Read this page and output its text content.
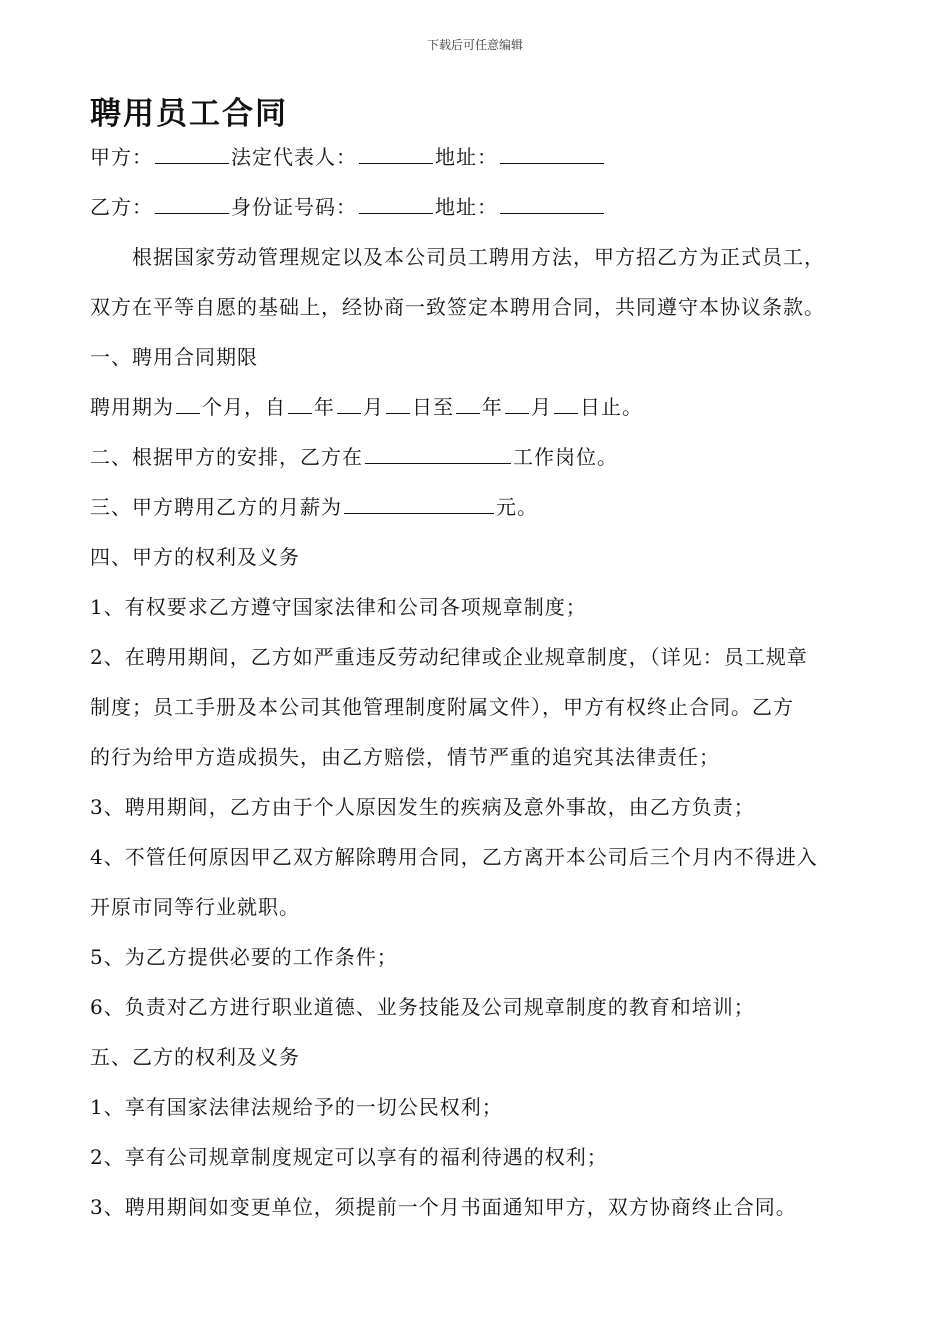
下载后可任意编辑
聘用员工合同
甲方：	法定代表人：	地址：
乙方：	身份证号码：	地址：
根据国家劳动管理规定以及本公司员工聘用方法，甲方招乙方为正式员工，
双方在平等自愿的基础上，经协商一致签定本聘用合同，共同遵守本协议条款。
一、聘用合同期限
聘用期为 个月，自 年 月 日至 年 月 日止。
二、根据甲方的安排，乙方在	工作岗位。
三、甲方聘用乙方的月薪为	元。
四、甲方的权利及义务
1、有权要求乙方遵守国家法律和公司各项规章制度；
2、在聘用期间，乙方如严重违反劳动纪律或企业规章制度，（详见：员工规章
制度；员工手册及本公司其他管理制度附属文件），甲方有权终止合同。乙方
的行为给甲方造成损失，由乙方赔偿，情节严重的追究其法律责任；
3、聘用期间，乙方由于个人原因发生的疾病及意外事故，由乙方负责；
4、不管任何原因甲乙双方解除聘用合同，乙方离开本公司后三个月内不得进入
开原市同等行业就职。
5、为乙方提供必要的工作条件；
6、负责对乙方进行职业道德、业务技能及公司规章制度的教育和培训；
五、乙方的权利及义务
1、享有国家法律法规给予的一切公民权利；
2、享有公司规章制度规定可以享有的福利待遇的权利；
3、聘用期间如变更单位，须提前一个月书面通知甲方，双方协商终止合同。
